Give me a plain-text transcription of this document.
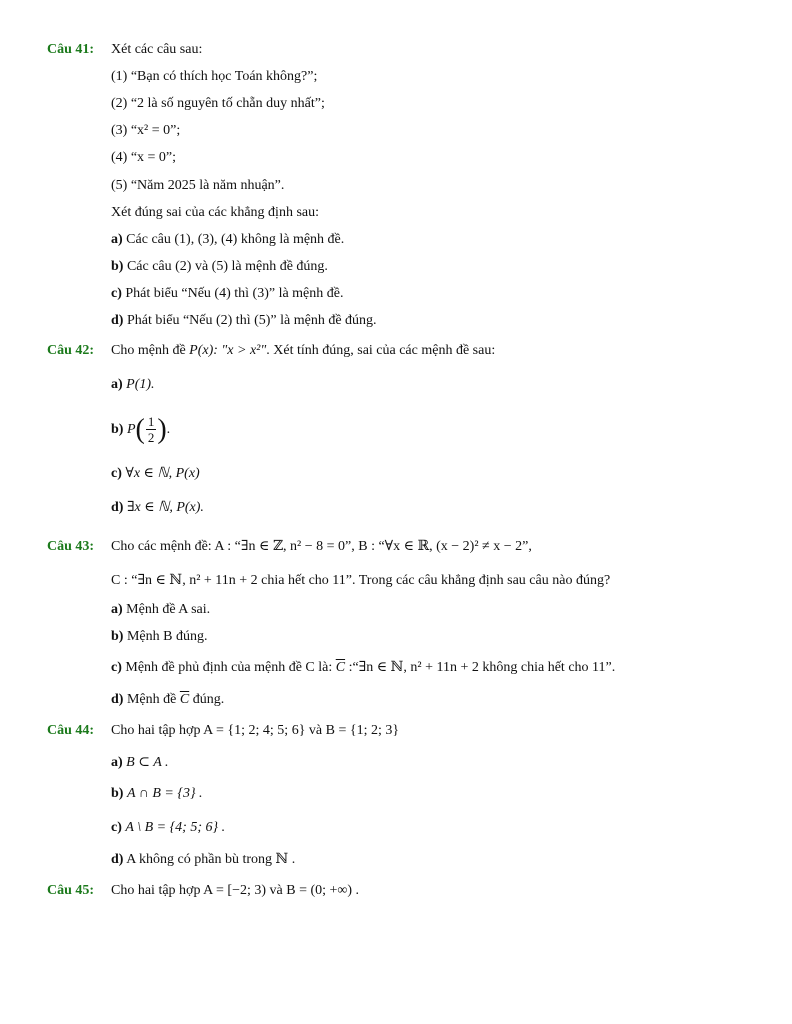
Câu 41: Xét các câu sau:
(1) “Bạn có thích học Toán không?”;
(2) “2 là số nguyên tố chẵn duy nhất”;
(3) “x² = 0”;
(4) “x = 0”;
(5) “Năm 2025 là năm nhuận”.
Xét đúng sai của các khẳng định sau:
a) Các câu (1), (3), (4) không là mệnh đề.
b) Các câu (2) và (5) là mệnh đề đúng.
c) Phát biểu “Nếu (4) thì (3)” là mệnh đề.
d) Phát biểu “Nếu (2) thì (5)” là mệnh đề đúng.
Câu 42: Cho mệnh đề P(x): "x > x²". Xét tính đúng, sai của các mệnh đề sau:
a) P(1).
b) $P( \frac{1}{2}$ ).
c) ∀x ∈ ℕ, P(x)
d) ∃x ∈ ℕ, P(x).
Câu 43: Cho các mệnh đề: A : “∃n ∈ ℤ, n² − 8 = 0”, B : “∀x ∈ ℝ, (x − 2)² ≠ x − 2”,
C : “∃n ∈ ℕ, n² + 11n + 2 chia hết cho 11”. Trong các câu khẳng định sau câu nào đúng?
a) Mệnh đề A sai.
b) Mệnh B đúng.
c) Mệnh đề phủ định của mệnh đề C là: $\overline{C}$ :“∃n ∈ ℕ, n² + 11n + 2 không chia hết cho 11”.
d) Mệnh đề $\overline{C}$ đúng.
Câu 44: Cho hai tập hợp A = {1; 2; 4; 5; 6} và B = {1; 2; 3}
a) B ⊂ A .
b) A ∩ B = {3} .
c) A \ B = {4; 5; 6} .
d) A không có phần bù trong ℕ .
Câu 45: Cho hai tập hợp A = [−2; 3) và B = (0; +∞) .
